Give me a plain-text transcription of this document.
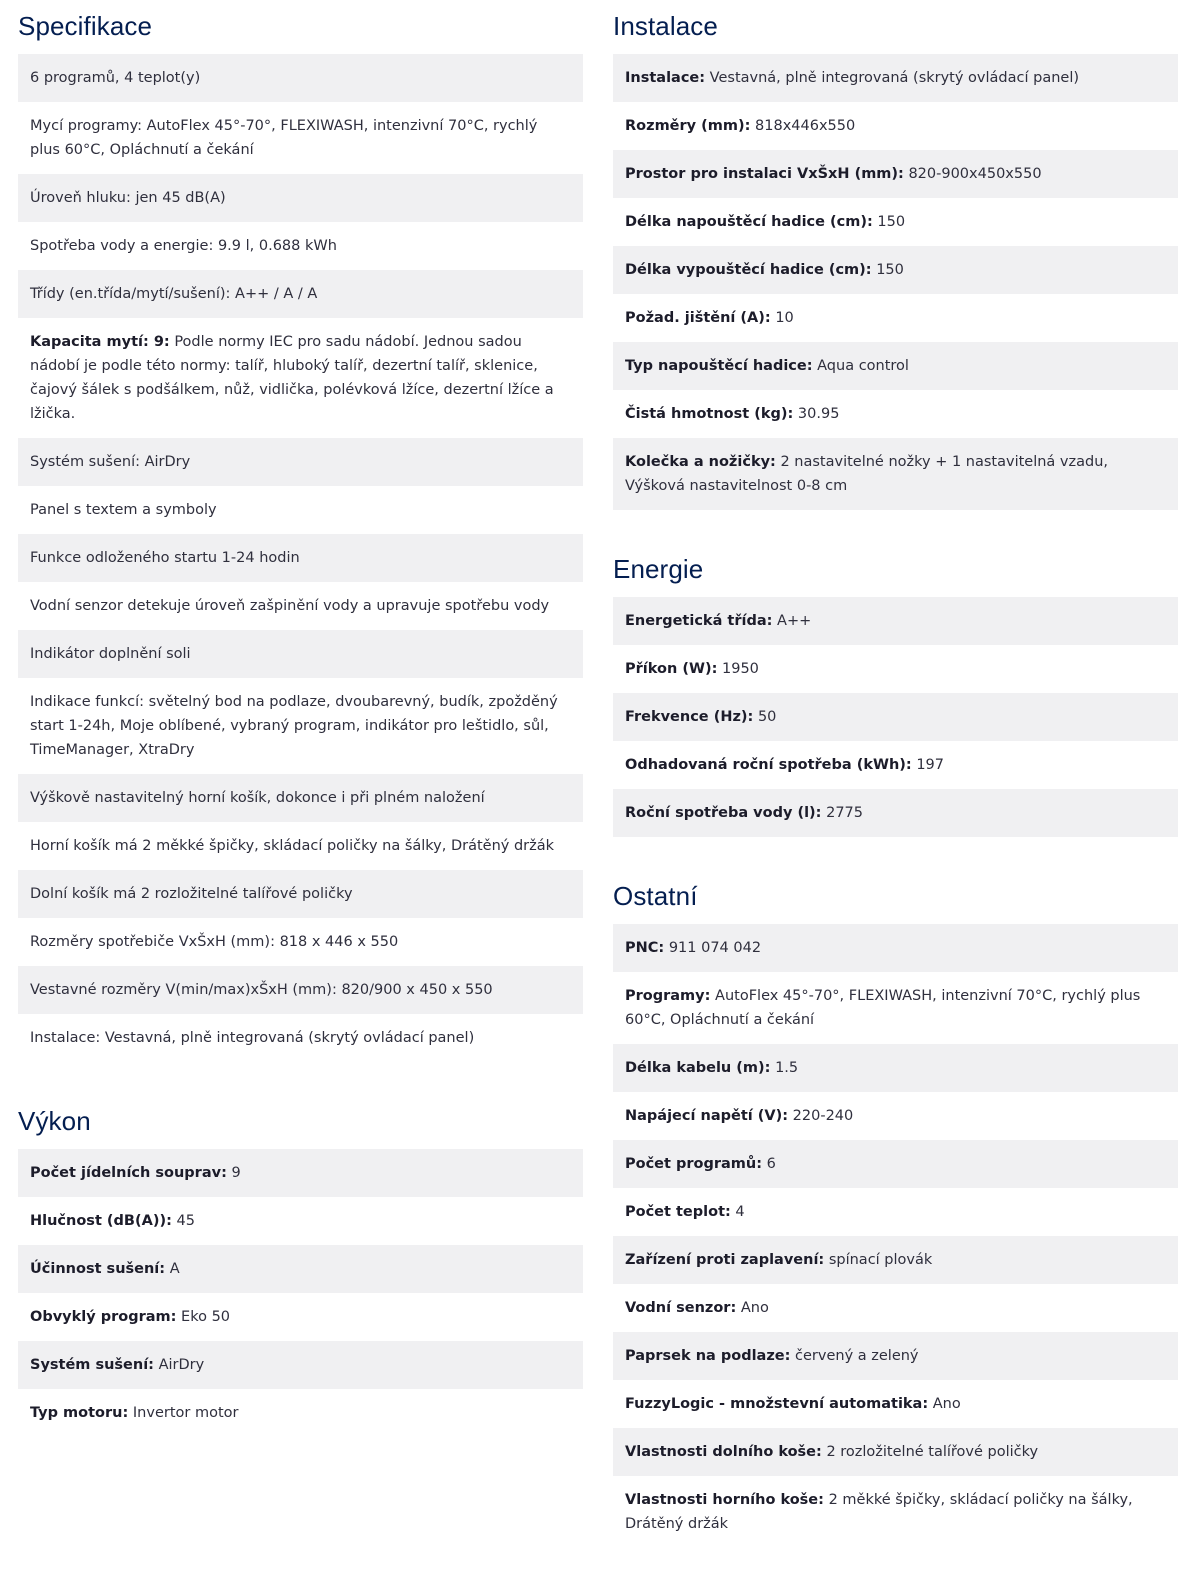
Specifikace
6 programů, 4 teplot(y)
Mycí programy: AutoFlex 45°-70°, FLEXIWASH, intenzivní 70°C, rychlý plus 60°C, Opláchnutí a čekání
Úroveň hluku: jen 45 dB(A)
Spotřeba vody a energie: 9.9 l, 0.688 kWh
Třídy (en.třída/mytí/sušení): A++ / A / A
Kapacita mytí: 9: Podle normy IEC pro sadu nádobí. Jednou sadou nádobí je podle této normy: talíř, hluboký talíř, dezertní talíř, sklenice, čajový šálek s podšálkem, nůž, vidlička, polévková lžíce, dezertní lžíce a lžička.
Systém sušení: AirDry
Panel s textem a symboly
Funkce odloženého startu 1-24 hodin
Vodní senzor detekuje úroveň zašpinění vody a upravuje spotřebu vody
Indikátor doplnění soli
Indikace funkcí: světelný bod na podlaze, dvoubarevný, budík, zpožděný start 1-24h, Moje oblíbené, vybraný program, indikátor pro leštidlo, sůl, TimeManager, XtraDry
Výškově nastavitelný horní košík, dokonce i při plném naložení
Horní košík má 2 měkké špičky, skládací poličky na šálky, Drátěný držák
Dolní košík má 2 rozložitelné talířové poličky
Rozměry spotřebiče VxŠxH (mm): 818 x 446 x 550
Vestavné rozměry V(min/max)xŠxH (mm): 820/900 x 450 x 550
Instalace: Vestavná, plně integrovaná (skrytý ovládací panel)
Výkon
Počet jídelních souprav: 9
Hlučnost (dB(A)): 45
Účinnost sušení: A
Obvyklý program: Eko 50
Systém sušení: AirDry
Typ motoru: Invertor motor
Instalace
Instalace: Vestavná, plně integrovaná (skrytý ovládací panel)
Rozměry (mm): 818x446x550
Prostor pro instalaci VxŠxH (mm): 820-900x450x550
Délka napouštěcí hadice (cm): 150
Délka vypouštěcí hadice (cm): 150
Požad. jištění (A): 10
Typ napouštěcí hadice: Aqua control
Čistá hmotnost (kg): 30.95
Kolečka a nožičky: 2 nastavitelné nožky + 1 nastavitelná vzadu, Výšková nastavitelnost 0-8 cm
Energie
Energetická třída: A++
Příkon (W): 1950
Frekvence (Hz): 50
Odhadovaná roční spotřeba (kWh): 197
Roční spotřeba vody (l): 2775
Ostatní
PNC: 911 074 042
Programy: AutoFlex 45°-70°, FLEXIWASH, intenzivní 70°C, rychlý plus 60°C, Opláchnutí a čekání
Délka kabelu (m): 1.5
Napájecí napětí (V): 220-240
Počet programů: 6
Počet teplot: 4
Zařízení proti zaplavení: spínací plovák
Vodní senzor: Ano
Paprsek na podlaze: červený a zelený
FuzzyLogic - množstevní automatika: Ano
Vlastnosti dolního koše: 2 rozložitelné talířové poličky
Vlastnosti horního koše: 2 měkké špičky, skládací poličky na šálky, Drátěný držák
